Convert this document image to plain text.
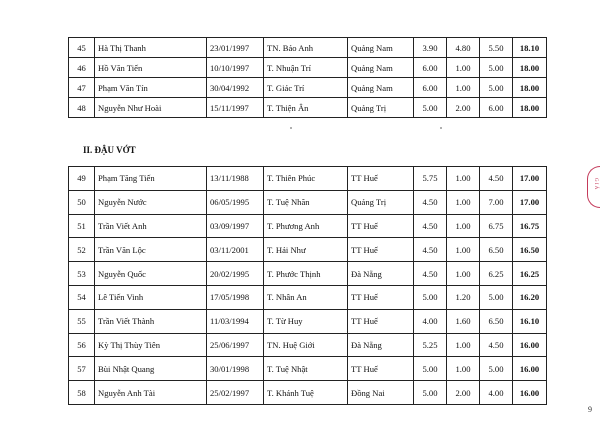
45	Hà Thị Thanh	23/01/1997	TN. Bảo Anh	Quảng Nam	3.90	4.80	5.50	18.10
46	Hồ Văn Tiến	10/10/1997	T. Nhuận Trí	Quảng Nam	6.00	1.00	5.00	18.00
47	Phạm Văn Tín	30/04/1992	T. Giác Trí	Quảng Nam	6.00	1.00	5.00	18.00
48	Nguyễn Như Hoài	15/11/1997	T. Thiện Ân	Quảng Trị	5.00	2.00	6.00	18.00

II. ĐẬU VỚT

49	Phạm Tăng Tiến	13/11/1988	T. Thiên Phúc	TT Huế	5.75	1.00	4.50	17.00
50	Nguyễn Nước	06/05/1995	T. Tuệ Nhãn	Quảng Trị	4.50	1.00	7.00	17.00
51	Trần Viết Anh	03/09/1997	T. Phương Anh	TT Huế	4.50	1.00	6.75	16.75
52	Trần Văn Lộc	03/11/2001	T. Hải Như	TT Huế	4.50	1.00	6.50	16.50
53	Nguyễn Quốc	20/02/1995	T. Phước Thịnh	Đà Nẵng	4.50	1.00	6.25	16.25
54	Lê Tiến Vinh	17/05/1998	T. Nhân An	TT Huế	5.00	1.20	5.00	16.20
55	Trần Viết Thành	11/03/1994	T. Từ Huy	TT Huế	4.00	1.60	6.50	16.10
56	Kỳ Thị Thùy Tiên	25/06/1997	TN. Huệ Giới	Đà Nẵng	5.25	1.00	4.50	16.00
57	Bùi Nhật Quang	30/01/1998	T. Tuệ Nhật	TT Huế	5.00	1.00	5.00	16.00
58	Nguyễn Anh Tài	25/02/1997	T. Khánh Tuệ	Đồng Nai	5.00	2.00	4.00	16.00
G I Á
9
